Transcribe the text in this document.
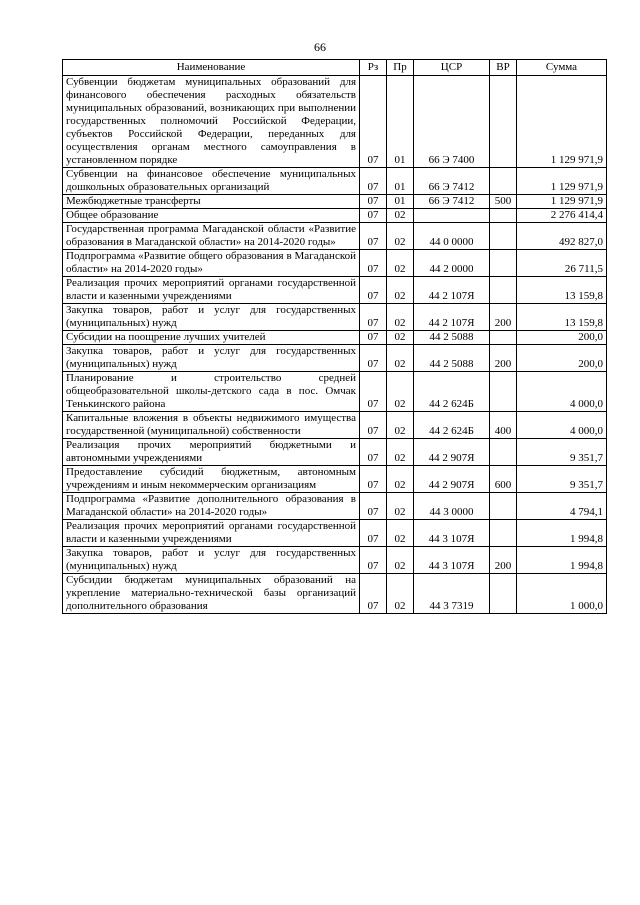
66
Наименование	Рз	Пр	ЦСР	ВР	Сумма
Субвенции бюджетам муниципальных образований для финансового обеспечения расходных обязательств муниципальных образований, возникающих при выполнении государственных полномочий Российской Федерации, субъектов Российской Федерации, переданных для осуществления органам местного самоуправления в установленном порядке	07	01	66 Э 7400		1 129 971,9
Субвенции на финансовое обеспечение муниципальных дошкольных образовательных организаций	07	01	66 Э 7412		1 129 971,9
Межбюджетные трансферты	07	01	66 Э 7412	500	1 129 971,9
Общее образование	07	02			2 276 414,4
Государственная программа Магаданской области «Развитие образования в Магаданской области» на 2014-2020 годы»	07	02	44 0 0000		492 827,0
Подпрограмма «Развитие общего образования в Магаданской области» на 2014-2020 годы»	07	02	44 2 0000		26 711,5
Реализация прочих мероприятий органами государственной власти и казенными учреждениями	07	02	44 2 107Я		13 159,8
Закупка товаров, работ и услуг для государственных (муниципальных) нужд	07	02	44 2 107Я	200	13 159,8
Субсидии на поощрение лучших учителей	07	02	44 2 5088		200,0
Закупка товаров, работ и услуг для государственных (муниципальных) нужд	07	02	44 2 5088	200	200,0
Планирование и строительство средней общеобразовательной школы-детского сада в пос. Омчак Тенькинского района	07	02	44 2 624Б		4 000,0
Капитальные вложения в объекты недвижимого имущества государственной (муниципальной) собственности	07	02	44 2 624Б	400	4 000,0
Реализация прочих мероприятий бюджетными и автономными учреждениями	07	02	44 2 907Я		9 351,7
Предоставление субсидий бюджетным, автономным учреждениям и иным некоммерческим организациям	07	02	44 2 907Я	600	9 351,7
Подпрограмма «Развитие дополнительного образования в Магаданской области» на 2014-2020 годы»	07	02	44 3 0000		4 794,1
Реализация прочих мероприятий органами государственной власти и казенными учреждениями	07	02	44 3 107Я		1 994,8
Закупка товаров, работ и услуг для государственных (муниципальных) нужд	07	02	44 3 107Я	200	1 994,8
Субсидии бюджетам муниципальных образований на укрепление материально-технической базы организаций дополнительного образования	07	02	44 3 7319		1 000,0
